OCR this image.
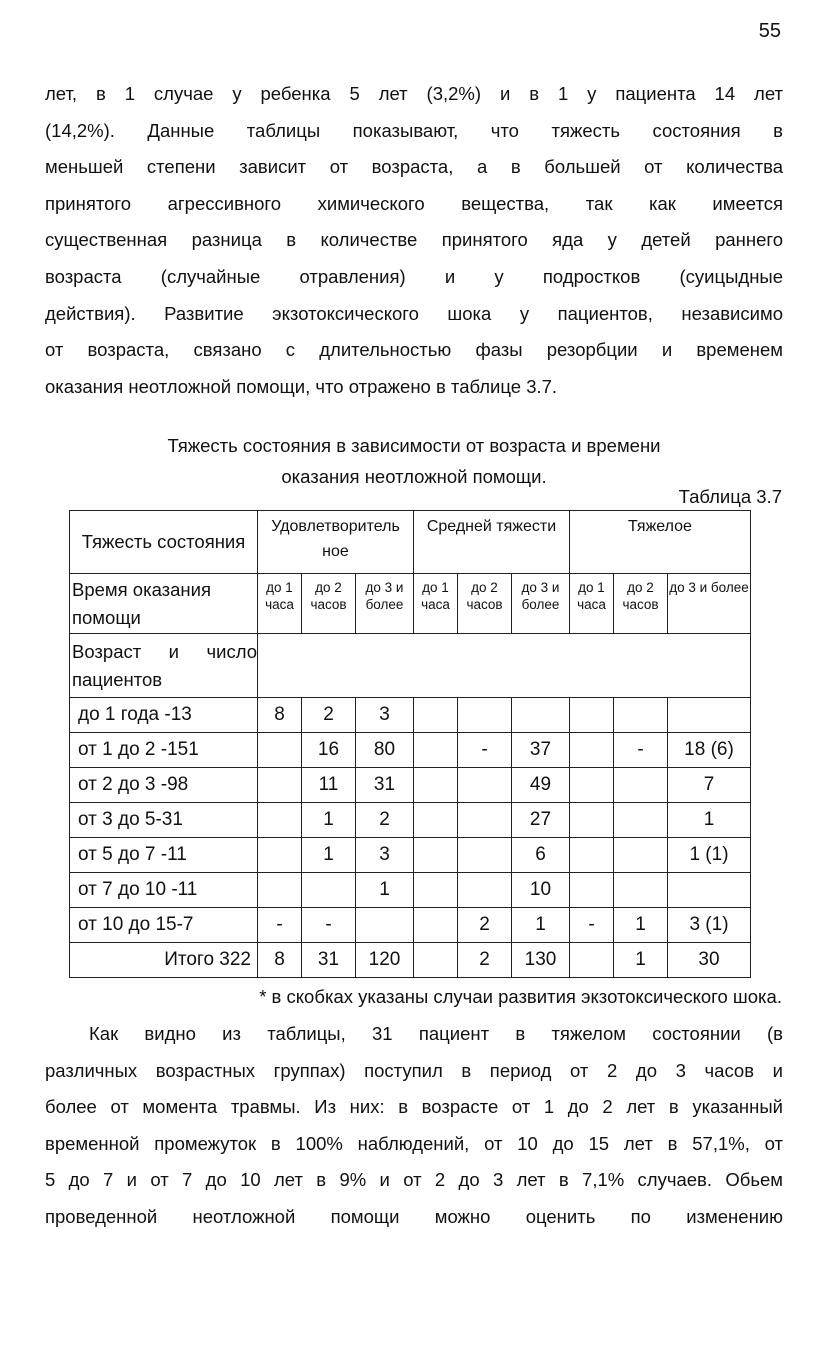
55
лет, в 1 случае у ребенка 5 лет (3,2%) и в 1 у пациента 14 лет
(14,2%). Данные таблицы показывают, что тяжесть состояния в
меньшей степени зависит от возраста, а в большей от количества
принятого агрессивного химического вещества, так как имеется
существенная разница в количестве принятого яда у детей раннего
возраста (случайные отравления) и у подростков (суицыдные
действия). Развитие экзотоксического шока у пациентов, независимо
от возраста, связано с длительностью фазы резорбции и временем
оказания неотложной помощи, что отражено в таблице 3.7.
Тяжесть состояния в зависимости от возраста и времени
оказания неотложной помощи.
Таблица 3.7
Тяжесть состояния	Удовлетворитель ное			Средней тяжести			Тяжелое		
Время оказания помощи	до 1 часа	до 2 часов	до 3 и более	до 1 часа	до 2 часов	до 3 и более	до 1 часа	до 2 часов	до 3 и более
Возраст и число пациентов									
до 1 года -13	8	2	3						
от 1 до 2 -151		16	80		-	37		-	18 (6)
от 2 до 3 -98		11	31			49			7
от 3 до 5-31		1	2			27			1
от 5 до 7 -11		1	3			6			1 (1)
от 7 до 10 -11			1			10			
от 10 до 15-7	-	-			2	1	-	1	3 (1)
Итого 322	8	31	120		2	130		1	30
* в скобках указаны случаи развития экзотоксического шока.
Как видно из таблицы, 31 пациент в тяжелом состоянии (в
различных возрастных группах) поступил в период от 2 до 3 часов и
более от момента травмы. Из них: в возрасте от 1 до 2 лет в указанный
временной промежуток в 100% наблюдений, от 10 до 15 лет в 57,1%, от
5 до 7 и от 7 до 10 лет в 9% и от 2 до 3 лет в 7,1% случаев. Обьем
проведенной неотложной помощи можно оценить по изменению
